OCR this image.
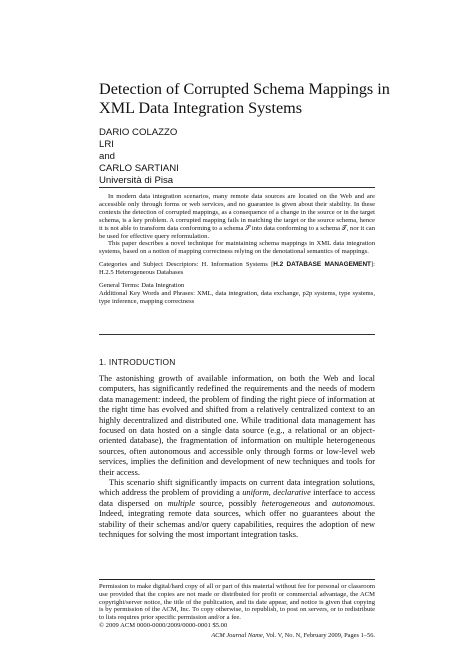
Detection of Corrupted Schema Mappings in XML Data Integration Systems
DARIO COLAZZO
LRI
and
CARLO SARTIANI
Università di Pisa

In modern data integration scenarios, many remote data sources are located on the Web and are accessible only through forms or web services, and no guarantee is given about their stability. In these contexts the detection of corrupted mappings, as a consequence of a change in the source or in the target schema, is a key problem. A corrupted mapping fails in matching the target or the source schema, hence it is not able to transform data conforming to a schema 𝒮 into data conforming to a schema 𝒯, nor it can be used for effective query reformulation.

This paper describes a novel technique for maintaining schema mappings in XML data integration systems, based on a notion of mapping correctness relying on the denotational semantics of mappings.

Categories and Subject Descriptors: H. Information Systems [H.2 DATABASE MANAGEMENT]: H.2.5 Heterogeneous Databases

General Terms: Data Integration

Additional Key Words and Phrases: XML, data integration, data exchange, p2p systems, type systems, type inference, mapping correctness

1. INTRODUCTION

The astonishing growth of available information, on both the Web and local computers, has significantly redefined the requirements and the needs of modern data management: indeed, the problem of finding the right piece of information at the right time has evolved and shifted from a relatively centralized context to an highly decentralized and distributed one. While traditional data management has focused on data hosted on a single data source (e.g., a relational or an object-oriented database), the fragmentation of information on multiple heterogeneous sources, often autonomous and accessible only through forms or low-level web services, implies the definition and development of new techniques and tools for their access.

This scenario shift significantly impacts on current data integration solutions, which address the problem of providing a uniform, declarative interface to access data dispersed on multiple source, possibly heterogeneous and autonomous. Indeed, integrating remote data sources, which offer no guarantees about the stability of their schemas and/or query capabilities, requires the adoption of new techniques for solving the most important integration tasks.

Permission to make digital/hard copy of all or part of this material without fee for personal or classroom use provided that the copies are not made or distributed for profit or commercial advantage, the ACM copyright/server notice, the title of the publication, and its date appear, and notice is given that copying is by permission of the ACM, Inc. To copy otherwise, to republish, to post on servers, or to redistribute to lists requires prior specific permission and/or a fee.

© 2009 ACM 0000-0000/2009/0000-0001 $5.00

ACM Journal Name, Vol. V, No. N, February 2009, Pages 1–56.
